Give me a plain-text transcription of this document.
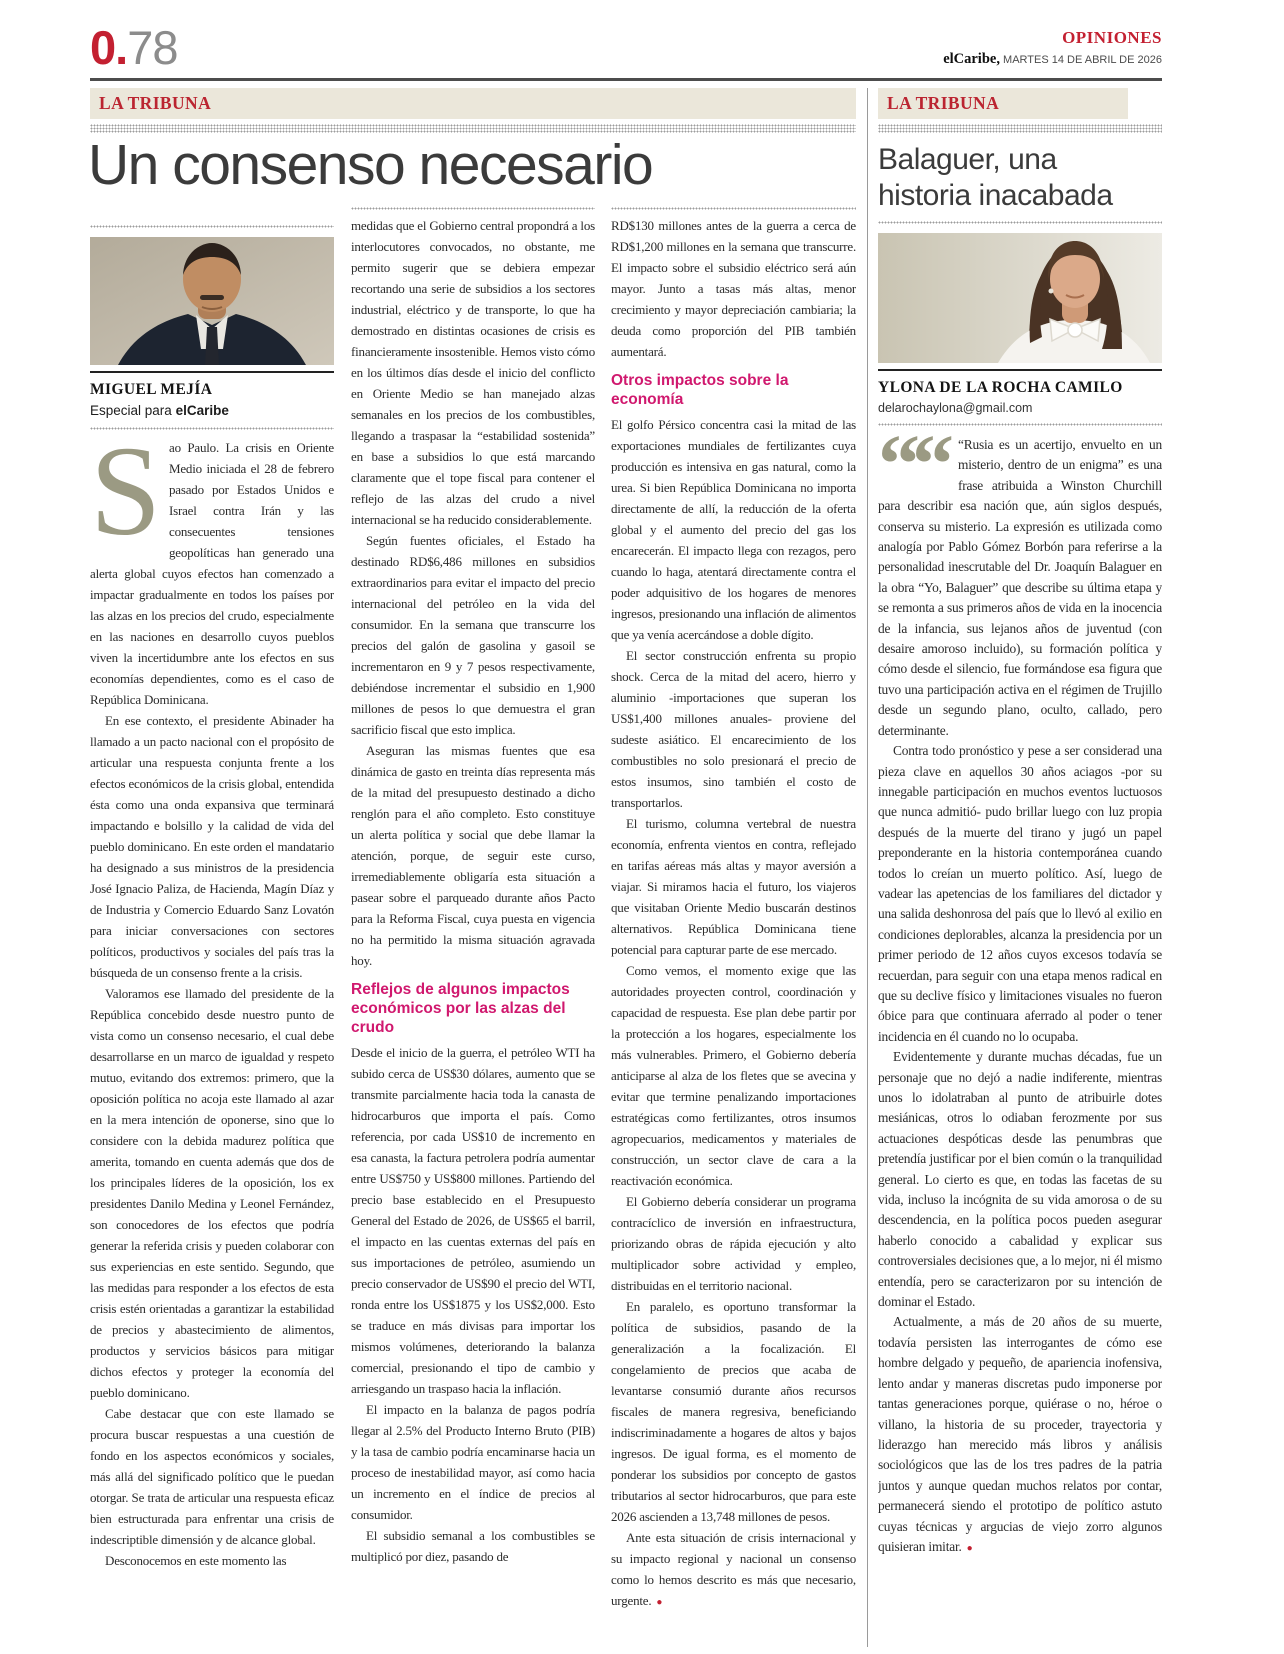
0.78	OPINIONES
elCaribe, MARTES 14 DE ABRIL DE 2026
LA TRIBUNA	LA TRIBUNA
Un consenso necesario	Balaguer, una
historia inacabada
MIGUEL MEJÍA
Especial para elCaribe
YLONA DE LA ROCHA CAMILO
delarochaylona@gmail.com

Sao Paulo. La crisis en Oriente Medio iniciada el 28 de febrero pasado por Estados Unidos e Israel contra Irán y las consecuentes tensiones geopolíticas han generado una alerta global cuyos efectos han comenzado a impactar gradualmente en todos los países por las alzas en los precios del crudo, especialmente en las naciones en desarrollo cuyos pueblos viven la incertidumbre ante los efectos en sus economías dependientes, como es el caso de República Dominicana.

En ese contexto, el presidente Abinader ha llamado a un pacto nacional con el propósito de articular una respuesta conjunta frente a los efectos económicos de la crisis global, entendida ésta como una onda expansiva que terminará impactando e bolsillo y la calidad de vida del pueblo dominicano. En este orden el mandatario ha designado a sus ministros de la presidencia José Ignacio Paliza, de Hacienda, Magín Díaz y de Industria y Comercio Eduardo Sanz Lovatón para iniciar conversaciones con sectores políticos, productivos y sociales del país tras la búsqueda de un consenso frente a la crisis.

Valoramos ese llamado del presidente de la República concebido desde nuestro punto de vista como un consenso necesario, el cual debe desarrollarse en un marco de igualdad y respeto mutuo, evitando dos extremos: primero, que la oposición política no acoja este llamado al azar en la mera intención de oponerse, sino que lo considere con la debida madurez política que amerita, tomando en cuenta además que dos de los principales líderes de la oposición, los ex presidentes Danilo Medina y Leonel Fernández, son conocedores de los efectos que podría generar la referida crisis y pueden colaborar con sus experiencias en este sentido. Segundo, que las medidas para responder a los efectos de esta crisis estén orientadas a garantizar la estabilidad de precios y abastecimiento de alimentos, productos y servicios básicos para mitigar dichos efectos y proteger la economía del pueblo dominicano.

Cabe destacar que con este llamado se procura buscar respuestas a una cuestión de fondo en los aspectos económicos y sociales, más allá del significado político que le puedan otorgar. Se trata de articular una respuesta eficaz bien estructurada para enfrentar una crisis de indescriptible dimensión y de alcance global.

Desconocemos en este momento las

medidas que el Gobierno central propondrá a los interlocutores convocados, no obstante, me permito sugerir que se debiera empezar recortando una serie de subsidios a los sectores industrial, eléctrico y de transporte, lo que ha demostrado en distintas ocasiones de crisis es financieramente insostenible. Hemos visto cómo en los últimos días desde el inicio del conflicto en Oriente Medio se han manejado alzas semanales en los precios de los combustibles, llegando a traspasar la “estabilidad sostenida” en base a subsidios lo que está marcando claramente que el tope fiscal para contener el reflejo de las alzas del crudo a nivel internacional se ha reducido considerablemente.

Según fuentes oficiales, el Estado ha destinado RD$6,486 millones en subsidios extraordinarios para evitar el impacto del precio internacional del petróleo en la vida del consumidor. En la semana que transcurre los precios del galón de gasolina y gasoil se incrementaron en 9 y 7 pesos respectivamente, debiéndose incrementar el subsidio en 1,900 millones de pesos lo que demuestra el gran sacrificio fiscal que esto implica.

Aseguran las mismas fuentes que esa dinámica de gasto en treinta días representa más de la mitad del presupuesto destinado a dicho renglón para el año completo. Esto constituye un alerta política y social que debe llamar la atención, porque, de seguir este curso, irremediablemente obligaría esta situación a pasear sobre el parqueado durante años Pacto para la Reforma Fiscal, cuya puesta en vigencia no ha permitido la misma situación agravada hoy.

Reflejos de algunos impactos económicos por las alzas del crudo

Desde el inicio de la guerra, el petróleo WTI ha subido cerca de US$30 dólares, aumento que se transmite parcialmente hacia toda la canasta de hidrocarburos que importa el país. Como referencia, por cada US$10 de incremento en esa canasta, la factura petrolera podría aumentar entre US$750 y US$800 millones. Partiendo del precio base establecido en el Presupuesto General del Estado de 2026, de US$65 el barril, el impacto en las cuentas externas del país en sus importaciones de petróleo, asumiendo un precio conservador de US$90 el precio del WTI, ronda entre los US$1875 y los US$2,000. Esto se traduce en más divisas para importar los mismos volúmenes, deteriorando la balanza comercial, presionando el tipo de cambio y arriesgando un traspaso hacia la inflación.

El impacto en la balanza de pagos podría llegar al 2.5% del Producto Interno Bruto (PIB) y la tasa de cambio podría encaminarse hacia un proceso de inestabilidad mayor, así como hacia un incremento en el índice de precios al consumidor.

El subsidio semanal a los combustibles se multiplicó por diez, pasando de

RD$130 millones antes de la guerra a cerca de RD$1,200 millones en la semana que transcurre. El impacto sobre el subsidio eléctrico será aún mayor. Junto a tasas más altas, menor crecimiento y mayor depreciación cambiaria; la deuda como proporción del PIB también aumentará.

Otros impactos sobre la economía

El golfo Pérsico concentra casi la mitad de las exportaciones mundiales de fertilizantes cuya producción es intensiva en gas natural, como la urea. Si bien República Dominicana no importa directamente de allí, la reducción de la oferta global y el aumento del precio del gas los encarecerán. El impacto llega con rezagos, pero cuando lo haga, atentará directamente contra el poder adquisitivo de los hogares de menores ingresos, presionando una inflación de alimentos que ya venía acercándose a doble dígito.

El sector construcción enfrenta su propio shock. Cerca de la mitad del acero, hierro y aluminio -importaciones que superan los US$1,400 millones anuales- proviene del sudeste asiático. El encarecimiento de los combustibles no solo presionará el precio de estos insumos, sino también el costo de transportarlos.

El turismo, columna vertebral de nuestra economía, enfrenta vientos en contra, reflejado en tarifas aéreas más altas y mayor aversión a viajar. Si miramos hacia el futuro, los viajeros que visitaban Oriente Medio buscarán destinos alternativos. República Dominicana tiene potencial para capturar parte de ese mercado.

Como vemos, el momento exige que las autoridades proyecten control, coordinación y capacidad de respuesta. Ese plan debe partir por la protección a los hogares, especialmente los más vulnerables. Primero, el Gobierno debería anticiparse al alza de los fletes que se avecina y evitar que termine penalizando importaciones estratégicas como fertilizantes, otros insumos agropecuarios, medicamentos y materiales de construcción, un sector clave de cara a la reactivación económica.

El Gobierno debería considerar un programa contracíclico de inversión en infraestructura, priorizando obras de rápida ejecución y alto multiplicador sobre actividad y empleo, distribuidas en el territorio nacional.

En paralelo, es oportuno transformar la política de subsidios, pasando de la generalización a la focalización. El congelamiento de precios que acaba de levantarse consumió durante años recursos fiscales de manera regresiva, beneficiando indiscriminadamente a hogares de altos y bajos ingresos. De igual forma, es el momento de ponderar los subsidios por concepto de gastos tributarios al sector hidrocarburos, que para este 2026 ascienden a 13,748 millones de pesos.

Ante esta situación de crisis internacional y su impacto regional y nacional un consenso como lo hemos descrito es más que necesario, urgente. ●

““ “Rusia es un acertijo, envuelto en un misterio, dentro de un enigma” es una frase atribuida a Winston Churchill para describir esa nación que, aún siglos después, conserva su misterio. La expresión es utilizada como analogía por Pablo Gómez Borbón para referirse a la personalidad inescrutable del Dr. Joaquín Balaguer en la obra “Yo, Balaguer” que describe su última etapa y se remonta a sus primeros años de vida en la inocencia de la infancia, sus lejanos años de juventud (con desaire amoroso incluido), su formación política y cómo desde el silencio, fue formándose esa figura que tuvo una participación activa en el régimen de Trujillo desde un segundo plano, oculto, callado, pero determinante.

Contra todo pronóstico y pese a ser considerad una pieza clave en aquellos 30 años aciagos -por su innegable participación en muchos eventos luctuosos que nunca admitió- pudo brillar luego con luz propia después de la muerte del tirano y jugó un papel preponderante en la historia contemporánea cuando todos lo creían un muerto político. Así, luego de vadear las apetencias de los familiares del dictador y una salida deshonrosa del país que lo llevó al exilio en condiciones deplorables, alcanza la presidencia por un primer periodo de 12 años cuyos excesos todavía se recuerdan, para seguir con una etapa menos radical en que su declive físico y limitaciones visuales no fueron óbice para que continuara aferrado al poder o tener incidencia en él cuando no lo ocupaba.

Evidentemente y durante muchas décadas, fue un personaje que no dejó a nadie indiferente, mientras unos lo idolatraban al punto de atribuirle dotes mesiánicas, otros lo odiaban ferozmente por sus actuaciones despóticas desde las penumbras que pretendía justificar por el bien común o la tranquilidad general. Lo cierto es que, en todas las facetas de su vida, incluso la incógnita de su vida amorosa o de su descendencia, en la política pocos pueden asegurar haberlo conocido a cabalidad y explicar sus controversiales decisiones que, a lo mejor, ni él mismo entendía, pero se caracterizaron por su intención de dominar el Estado.

Actualmente, a más de 20 años de su muerte, todavía persisten las interrogantes de cómo ese hombre delgado y pequeño, de apariencia inofensiva, lento andar y maneras discretas pudo imponerse por tantas generaciones porque, quiérase o no, héroe o villano, la historia de su proceder, trayectoria y liderazgo han merecido más libros y análisis sociológicos que las de los tres padres de la patria juntos y aunque quedan muchos relatos por contar, permanecerá siendo el prototipo de político astuto cuyas técnicas y argucias de viejo zorro algunos quisieran imitar. ●
